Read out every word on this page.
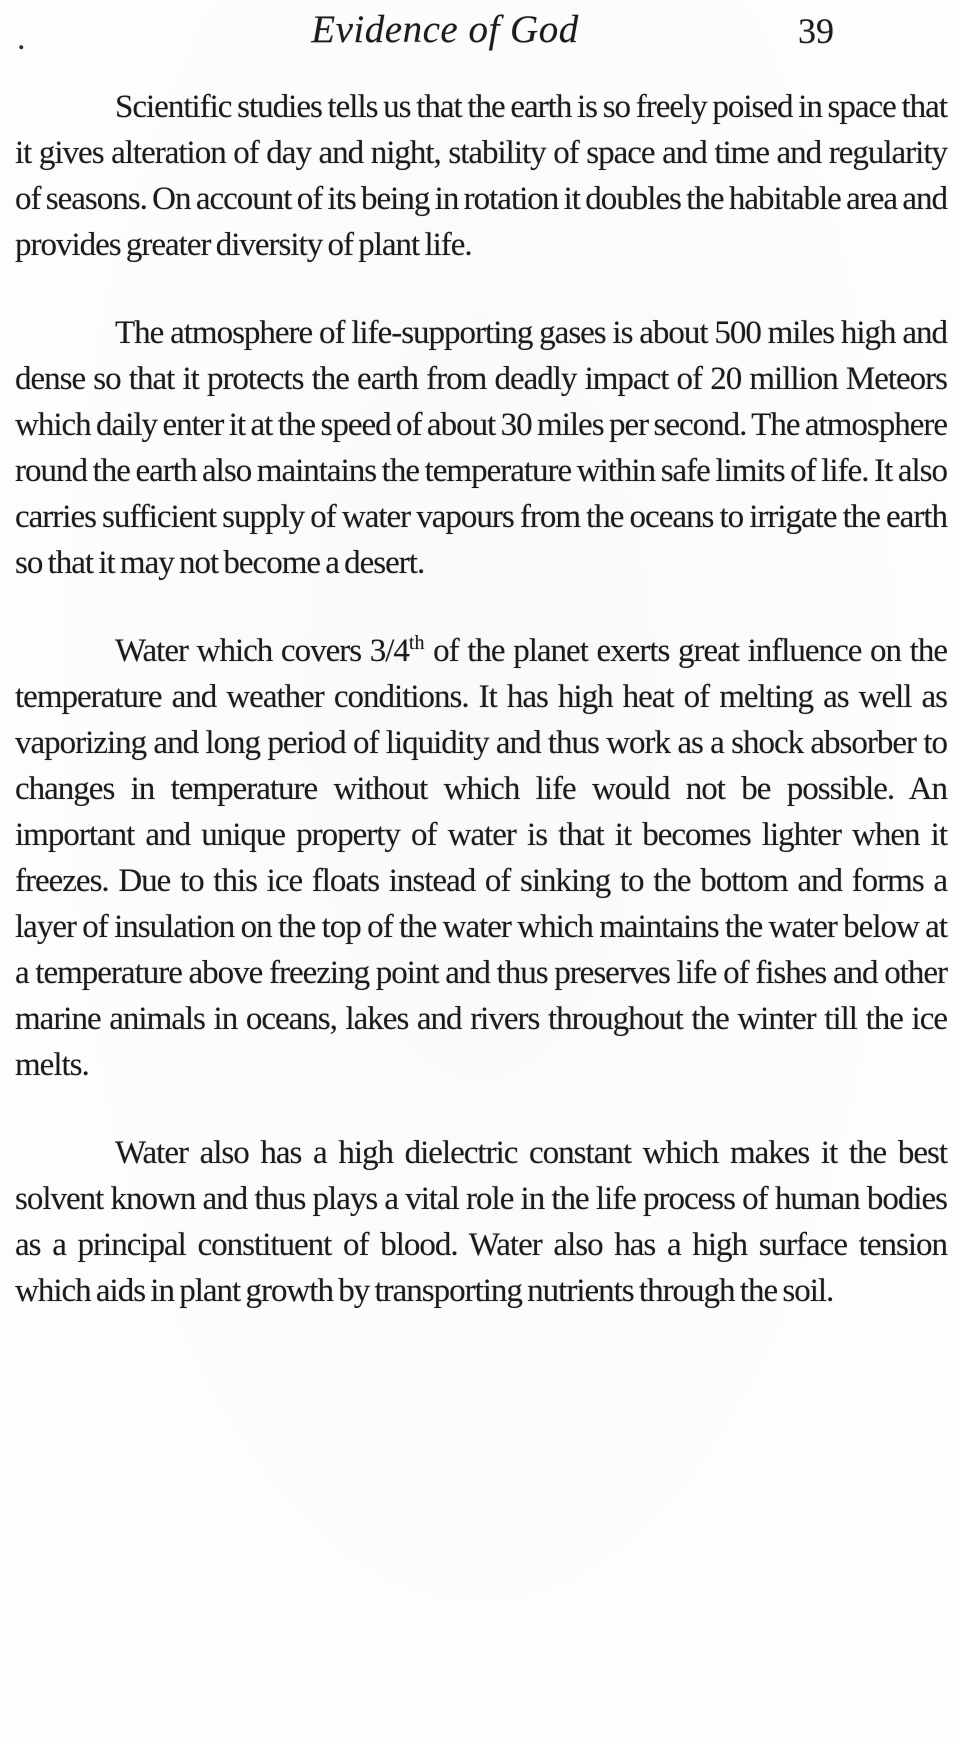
.	Evidence of God	39

Scientific studies tells us that the earth is so freely poised in space that it gives alteration of day and night, stability of space and time and regularity of seasons. On account of its being in rotation it doubles the habitable area and provides greater diversity of plant life.

The atmosphere of life-supporting gases is about 500 miles high and dense so that it protects the earth from deadly impact of 20 million Meteors which daily enter it at the speed of about 30 miles per second. The atmosphere round the earth also maintains the temperature within safe limits of life. It also carries sufficient supply of water vapours from the oceans to irrigate the earth so that it may not become a desert.

Water which covers 3/4th of the planet exerts great influence on the temperature and weather conditions. It has high heat of melting as well as vaporizing and long period of liquidity and thus work as a shock absorber to changes in temperature without which life would not be possible. An important and unique property of water is that it becomes lighter when it freezes. Due to this ice floats instead of sinking to the bottom and forms a layer of insulation on the top of the water which maintains the water below at a temperature above freezing point and thus preserves life of fishes and other marine animals in oceans, lakes and rivers throughout the winter till the ice melts.

Water also has a high dielectric constant which makes it the best solvent known and thus plays a vital role in the life process of human bodies as a principal constituent of blood. Water also has a high surface tension which aids in plant growth by transporting nutrients through the soil.
